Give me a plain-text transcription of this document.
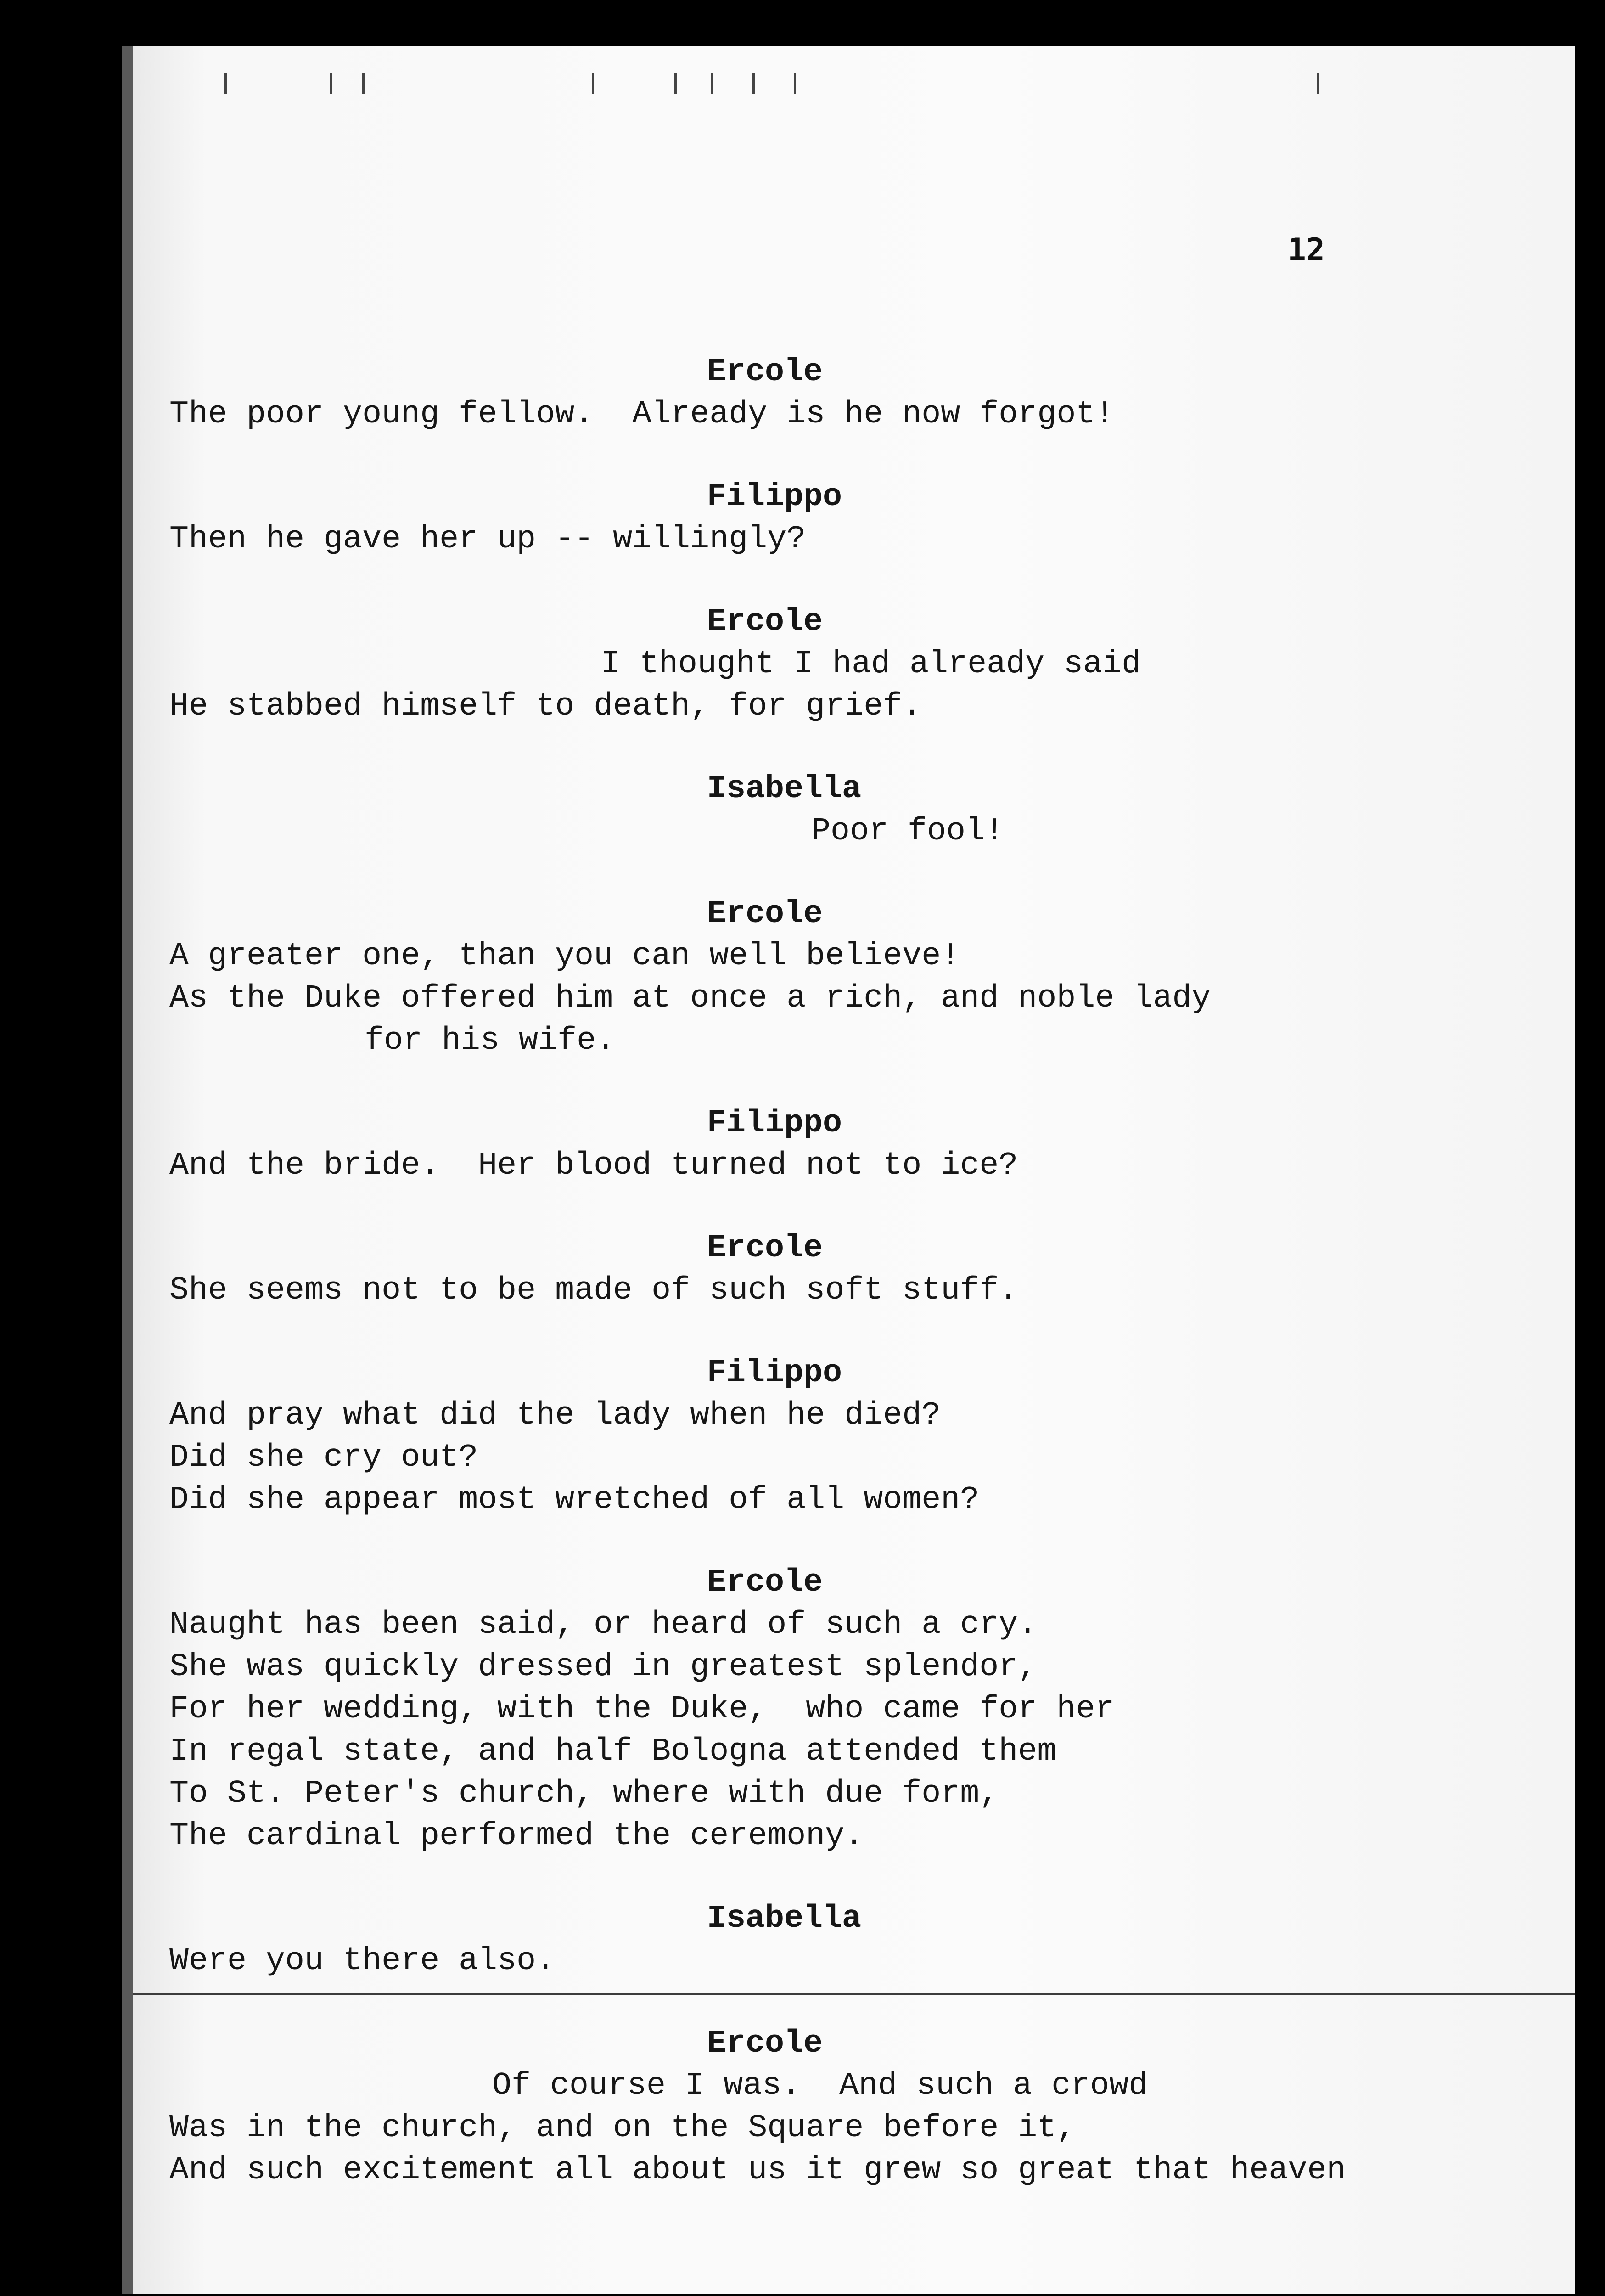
12
Ercole
The poor young fellow.  Already is he now forgot!
Filippo
Then he gave her up -- willingly?
Ercole
I thought I had already said
He stabbed himself to death, for grief.
Isabella
Poor fool!
Ercole
A greater one, than you can well believe!
As the Duke offered him at once a rich, and noble lady
for his wife.
Filippo
And the bride.  Her blood turned not to ice?
Ercole
She seems not to be made of such soft stuff.
Filippo
And pray what did the lady when he died?
Did she cry out?
Did she appear most wretched of all women?
Ercole
Naught has been said, or heard of such a cry.
She was quickly dressed in greatest splendor,
For her wedding, with the Duke,  who came for her
In regal state, and half Bologna attended them
To St. Peter's church, where with due form,
The cardinal performed the ceremony.
Isabella
Were you there also.
Ercole
Of course I was.  And such a crowd
Was in the church, and on the Square before it,
And such excitement all about us it grew so great that heaven
